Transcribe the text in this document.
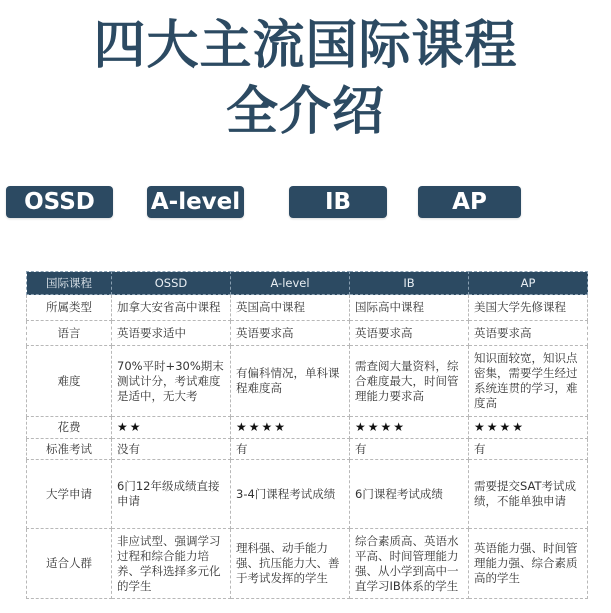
四大主流国际课程
全介绍
OSSD	A-level	IB	AP
国际课程	OSSD	A-level	IB	AP
所属类型	加拿大安省高中课程	英国高中课程	国际高中课程	美国大学先修课程
语言	英语要求适中	英语要求高	英语要求高	英语要求高
难度	70%平时+30%期末测试计分，考试难度是适中，无大考	有偏科情况，单科课程难度高	需查阅大量资料，综合难度最大，时间管理能力要求高	知识面较宽，知识点密集，需要学生经过系统连贯的学习，难度高
花费	★★	★★★★	★★★★	★★★★
标准考试	没有	有	有	有
大学申请	6门12年级成绩直接申请	3-4门课程考试成绩	6门课程考试成绩	需要提交SAT考试成绩，不能单独申请
适合人群	非应试型、强调学习过程和综合能力培养、学科选择多元化的学生	理科强、动手能力强、抗压能力大、善于考试发挥的学生	综合素质高、英语水平高、时间管理能力强、从小学到高中一直学习IB体系的学生	英语能力强、时间管理能力强、综合素质高的学生
